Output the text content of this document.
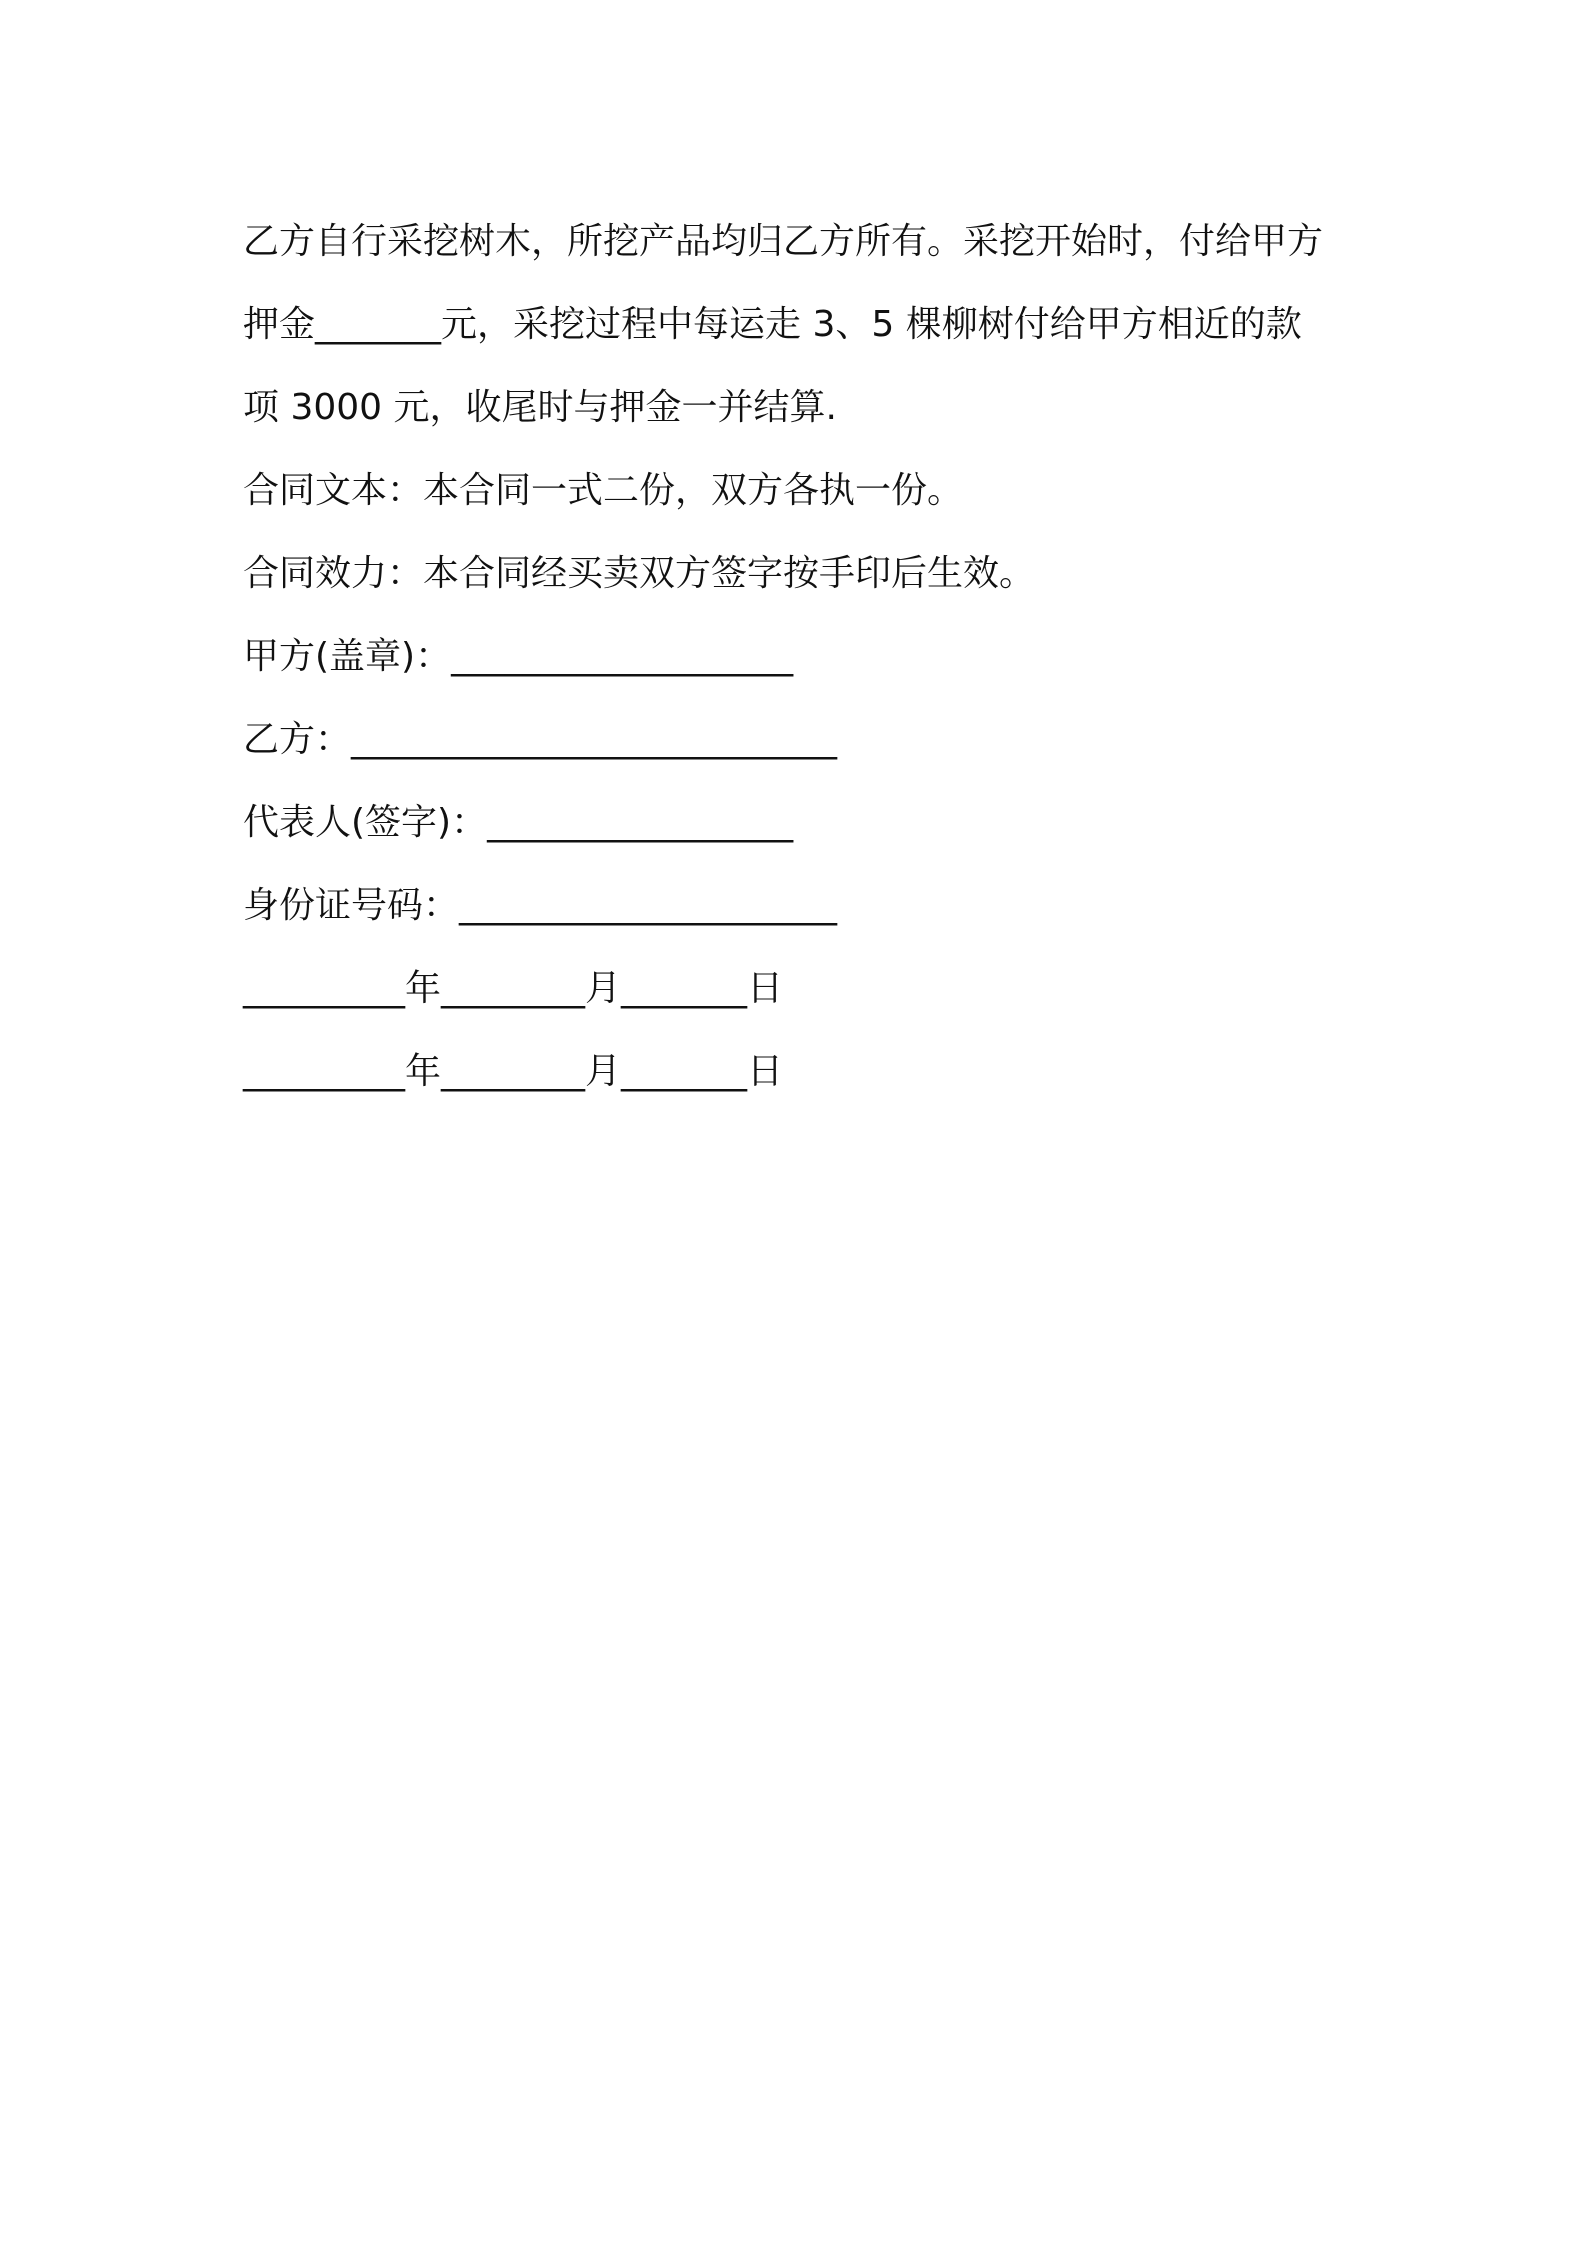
乙方自行采挖树木，所挖产品均归乙方所有。采挖开始时，付给甲方

押金_______元，采挖过程中每运走 3、5 棵柳树付给甲方相近的款

项 3000 元，收尾时与押金一并结算.

合同文本：本合同一式二份，双方各执一份。

合同效力：本合同经买卖双方签字按手印后生效。

甲方(盖章)：___________________

乙方：___________________________

代表人(签字)：_________________

身份证号码：_____________________

_________年________月_______日

_________年________月_______日
